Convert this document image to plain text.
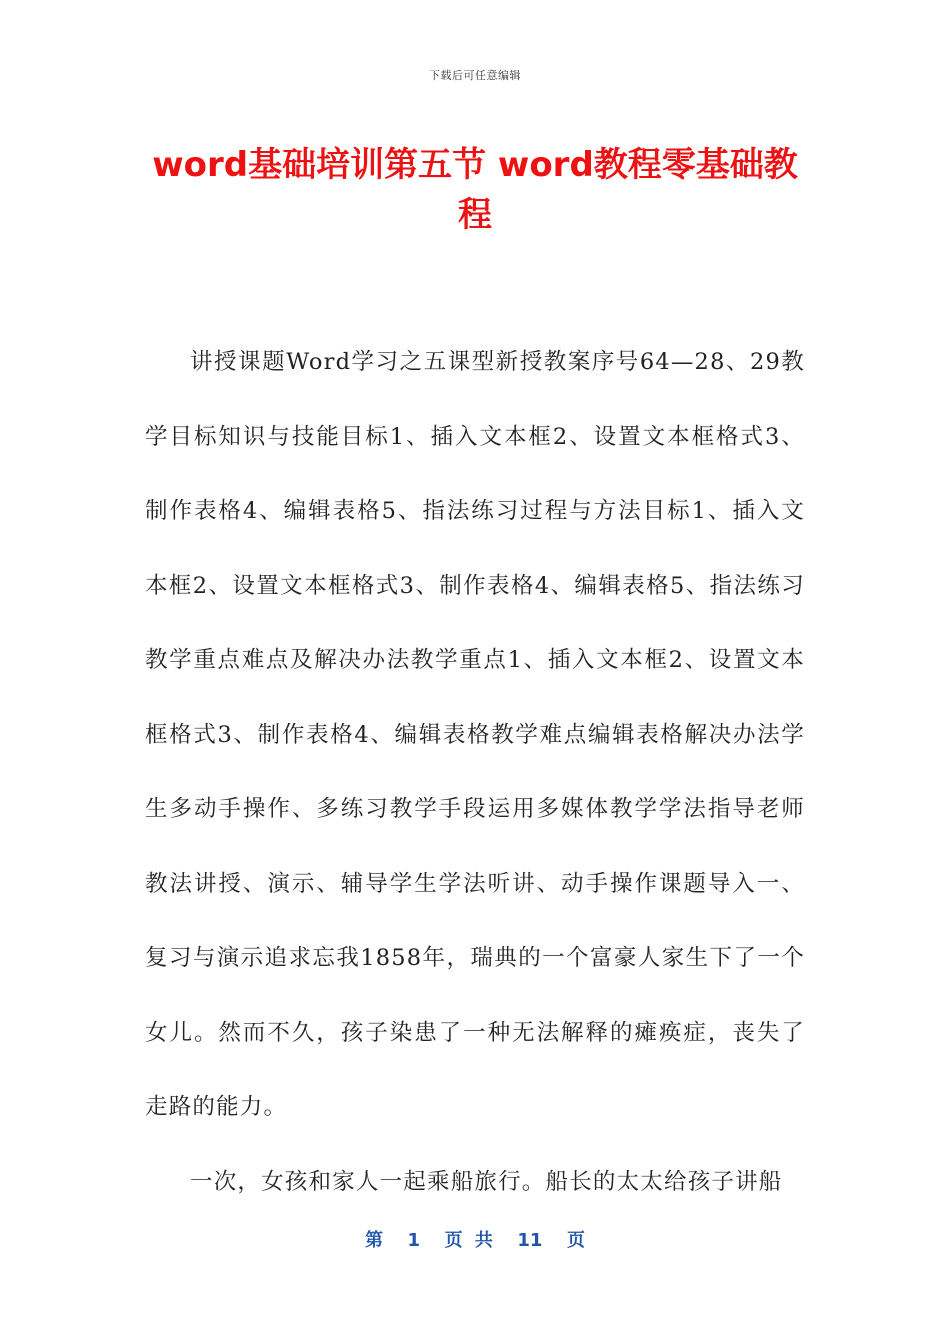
下载后可任意编辑
word基础培训第五节 word教程零基础教程

讲授课题Word学习之五课型新授教案序号64—28、29教学目标知识与技能目标1、插入文本框2、设置文本框格式3、制作表格4、编辑表格5、指法练习过程与方法目标1、插入文本框2、设置文本框格式3、制作表格4、编辑表格5、指法练习教学重点难点及解决办法教学重点1、插入文本框2、设置文本框格式3、制作表格4、编辑表格教学难点编辑表格解决办法学生多动手操作、多练习教学手段运用多媒体教学学法指导老师教法讲授、演示、辅导学生学法听讲、动手操作课题导入一、复习与演示追求忘我1858年，瑞典的一个富豪人家生下了一个女儿。然而不久，孩子染患了一种无法解释的瘫痪症，丧失了走路的能力。

一次，女孩和家人一起乘船旅行。船长的太太给孩子讲船

第  1  页 共  11  页
